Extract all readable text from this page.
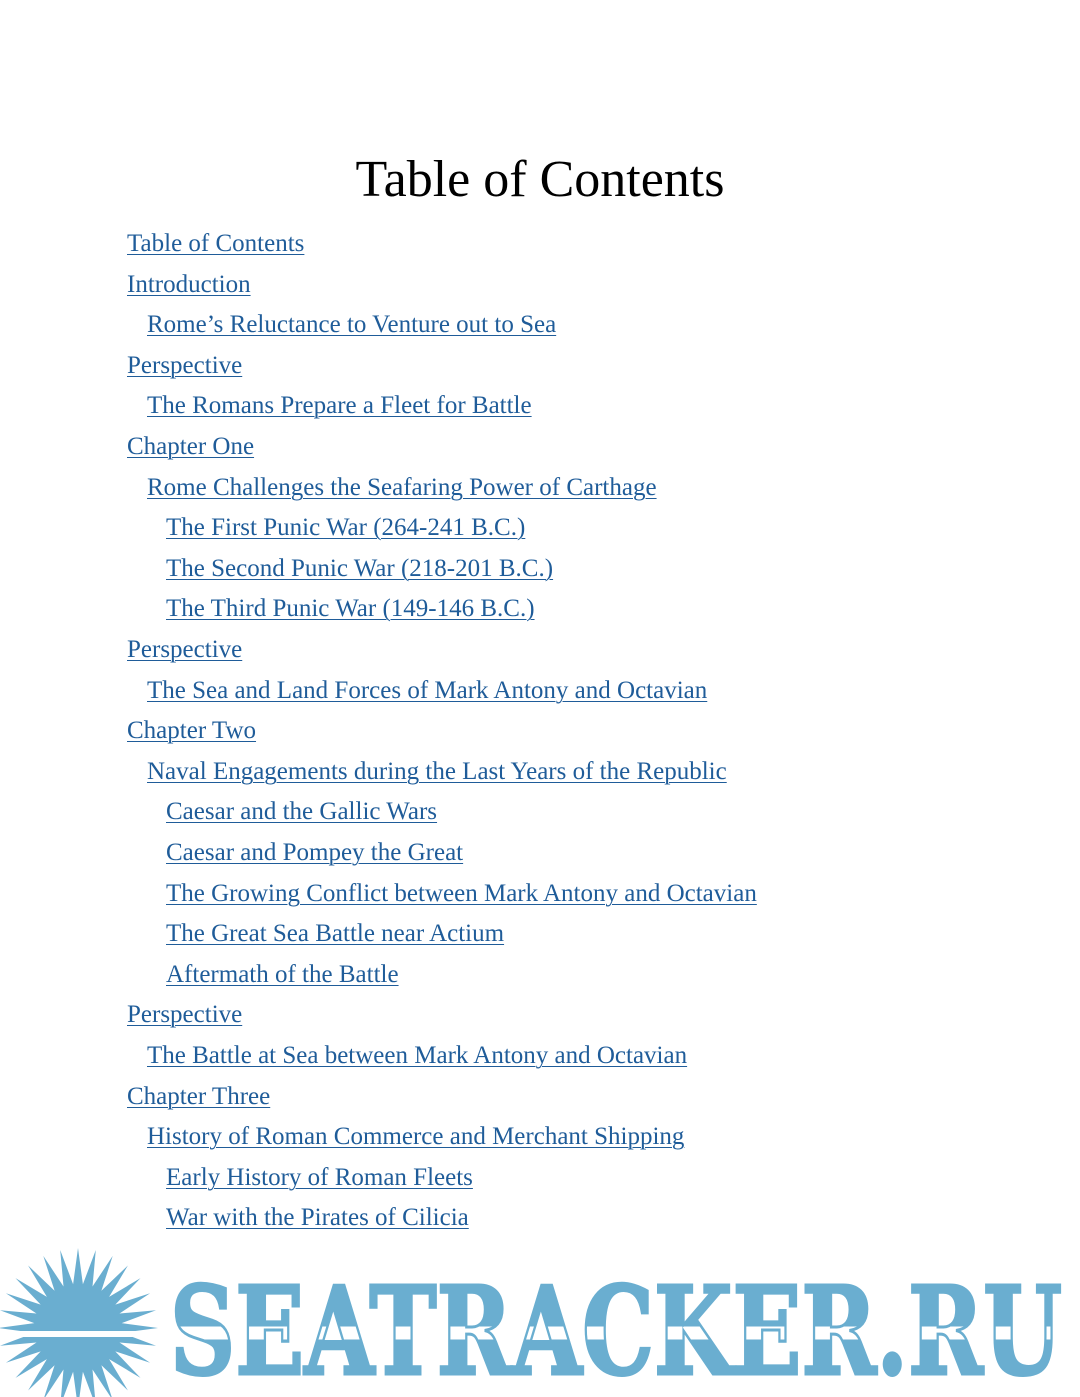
Table of Contents
Table of Contents
Introduction
Rome’s Reluctance to Venture out to Sea
Perspective
The Romans Prepare a Fleet for Battle
Chapter One
Rome Challenges the Seafaring Power of Carthage
The First Punic War (264-241 B.C.)
The Second Punic War (218-201 B.C.)
The Third Punic War (149-146 B.C.)
Perspective
The Sea and Land Forces of Mark Antony and Octavian
Chapter Two
Naval Engagements during the Last Years of the Republic
Caesar and the Gallic Wars
Caesar and Pompey the Great
The Growing Conflict between Mark Antony and Octavian
The Great Sea Battle near Actium
Aftermath of the Battle
Perspective
The Battle at Sea between Mark Antony and Octavian
Chapter Three
History of Roman Commerce and Merchant Shipping
Early History of Roman Fleets
War with the Pirates of Cilicia
SEATRACKER.RU
